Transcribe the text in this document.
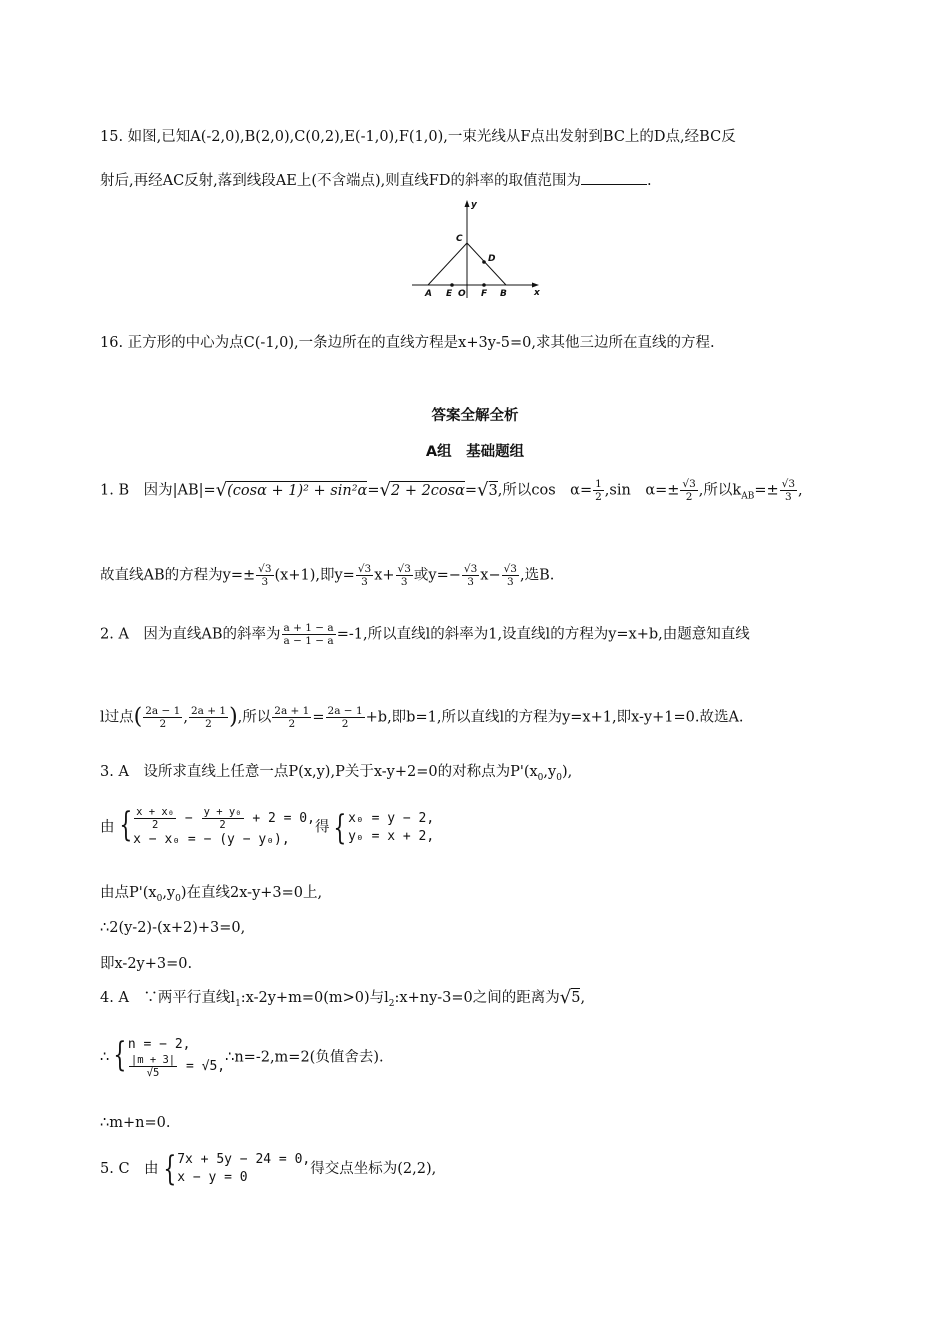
15. 如图,已知A(-2,0),B(2,0),C(0,2),E(-1,0),F(1,0),一束光线从F点出发射到BC上的D点,经BC反
射后,再经AC反射,落到线段AE上(不含端点),则直线FD的斜率的取值范围为	.
y
x
C
D
A E O F B
16. 正方形的中心为点C(-1,0),一条边所在的直线方程是x+3y-5=0,求其他三边所在直线的方程.
答案全解全析
A组　基础题组
1. B　因为|AB|=√(cosα + 1)² + sin²α=√2 + 2cosα=√3,所以cos　$\alpha= \frac{1}{2} ,\sin$　$\alpha=\pm \frac{√3}{2}$ ,所以$k_{AB}=\pm \frac{√3}{3}$ ,
故直线AB的方程为$y=\pm \frac{√3}{3} (x+1)$,即$y= \frac{√3}{3} x+ \frac{√3}{3}$ 或$y=- \frac{√3}{3} x- \frac{√3}{3}$ ,选B.
2. A　因为直线AB的斜率为 $\frac{a + 1 - a}{a - 1 - a} =-1$,所以直线l的斜率为1,设直线l的方程为y=x+b,由题意知直线
l过点( $\frac{2a - 1}{2}$ , $\frac{2a + 1}{2}$ ),所以 $\frac{2a + 1}{2} = \frac{2a - 1}{2} +b$,即b=1,所以直线l的方程为y=x+1,即x-y+1=0.故选A.
3. A　设所求直线上任意一点P(x,y),P关于x-y+2=0的对称点为$P'(x_0,y_0)$,
由 { $\frac{\text{x + x₀}}{2} - \frac{\text{y + y₀}}{2} + 2 = 0$,
x − x₀ = − (y − y₀),
得 { x₀ = y − 2,
y₀ = x + 2,
由点$P'(x_0,y_0)$在直线2x-y+3=0上,
∴2(y-2)-(x+2)+3=0,
即x-2y+3=0.
4. A　∵两平行直线$l_1:x-2y+m=0(m>0)$与$l_2:x+ny-3=0$之间的距离为√5,
∴ { n = − 2,
$\frac{|m + 3|}{√5} = √5$,
∴n=-2,m=2(负值舍去).
∴m+n=0.
5. C　由 { 7x + 5y − 24 = 0,
x − y = 0
得交点坐标为(2,2),
